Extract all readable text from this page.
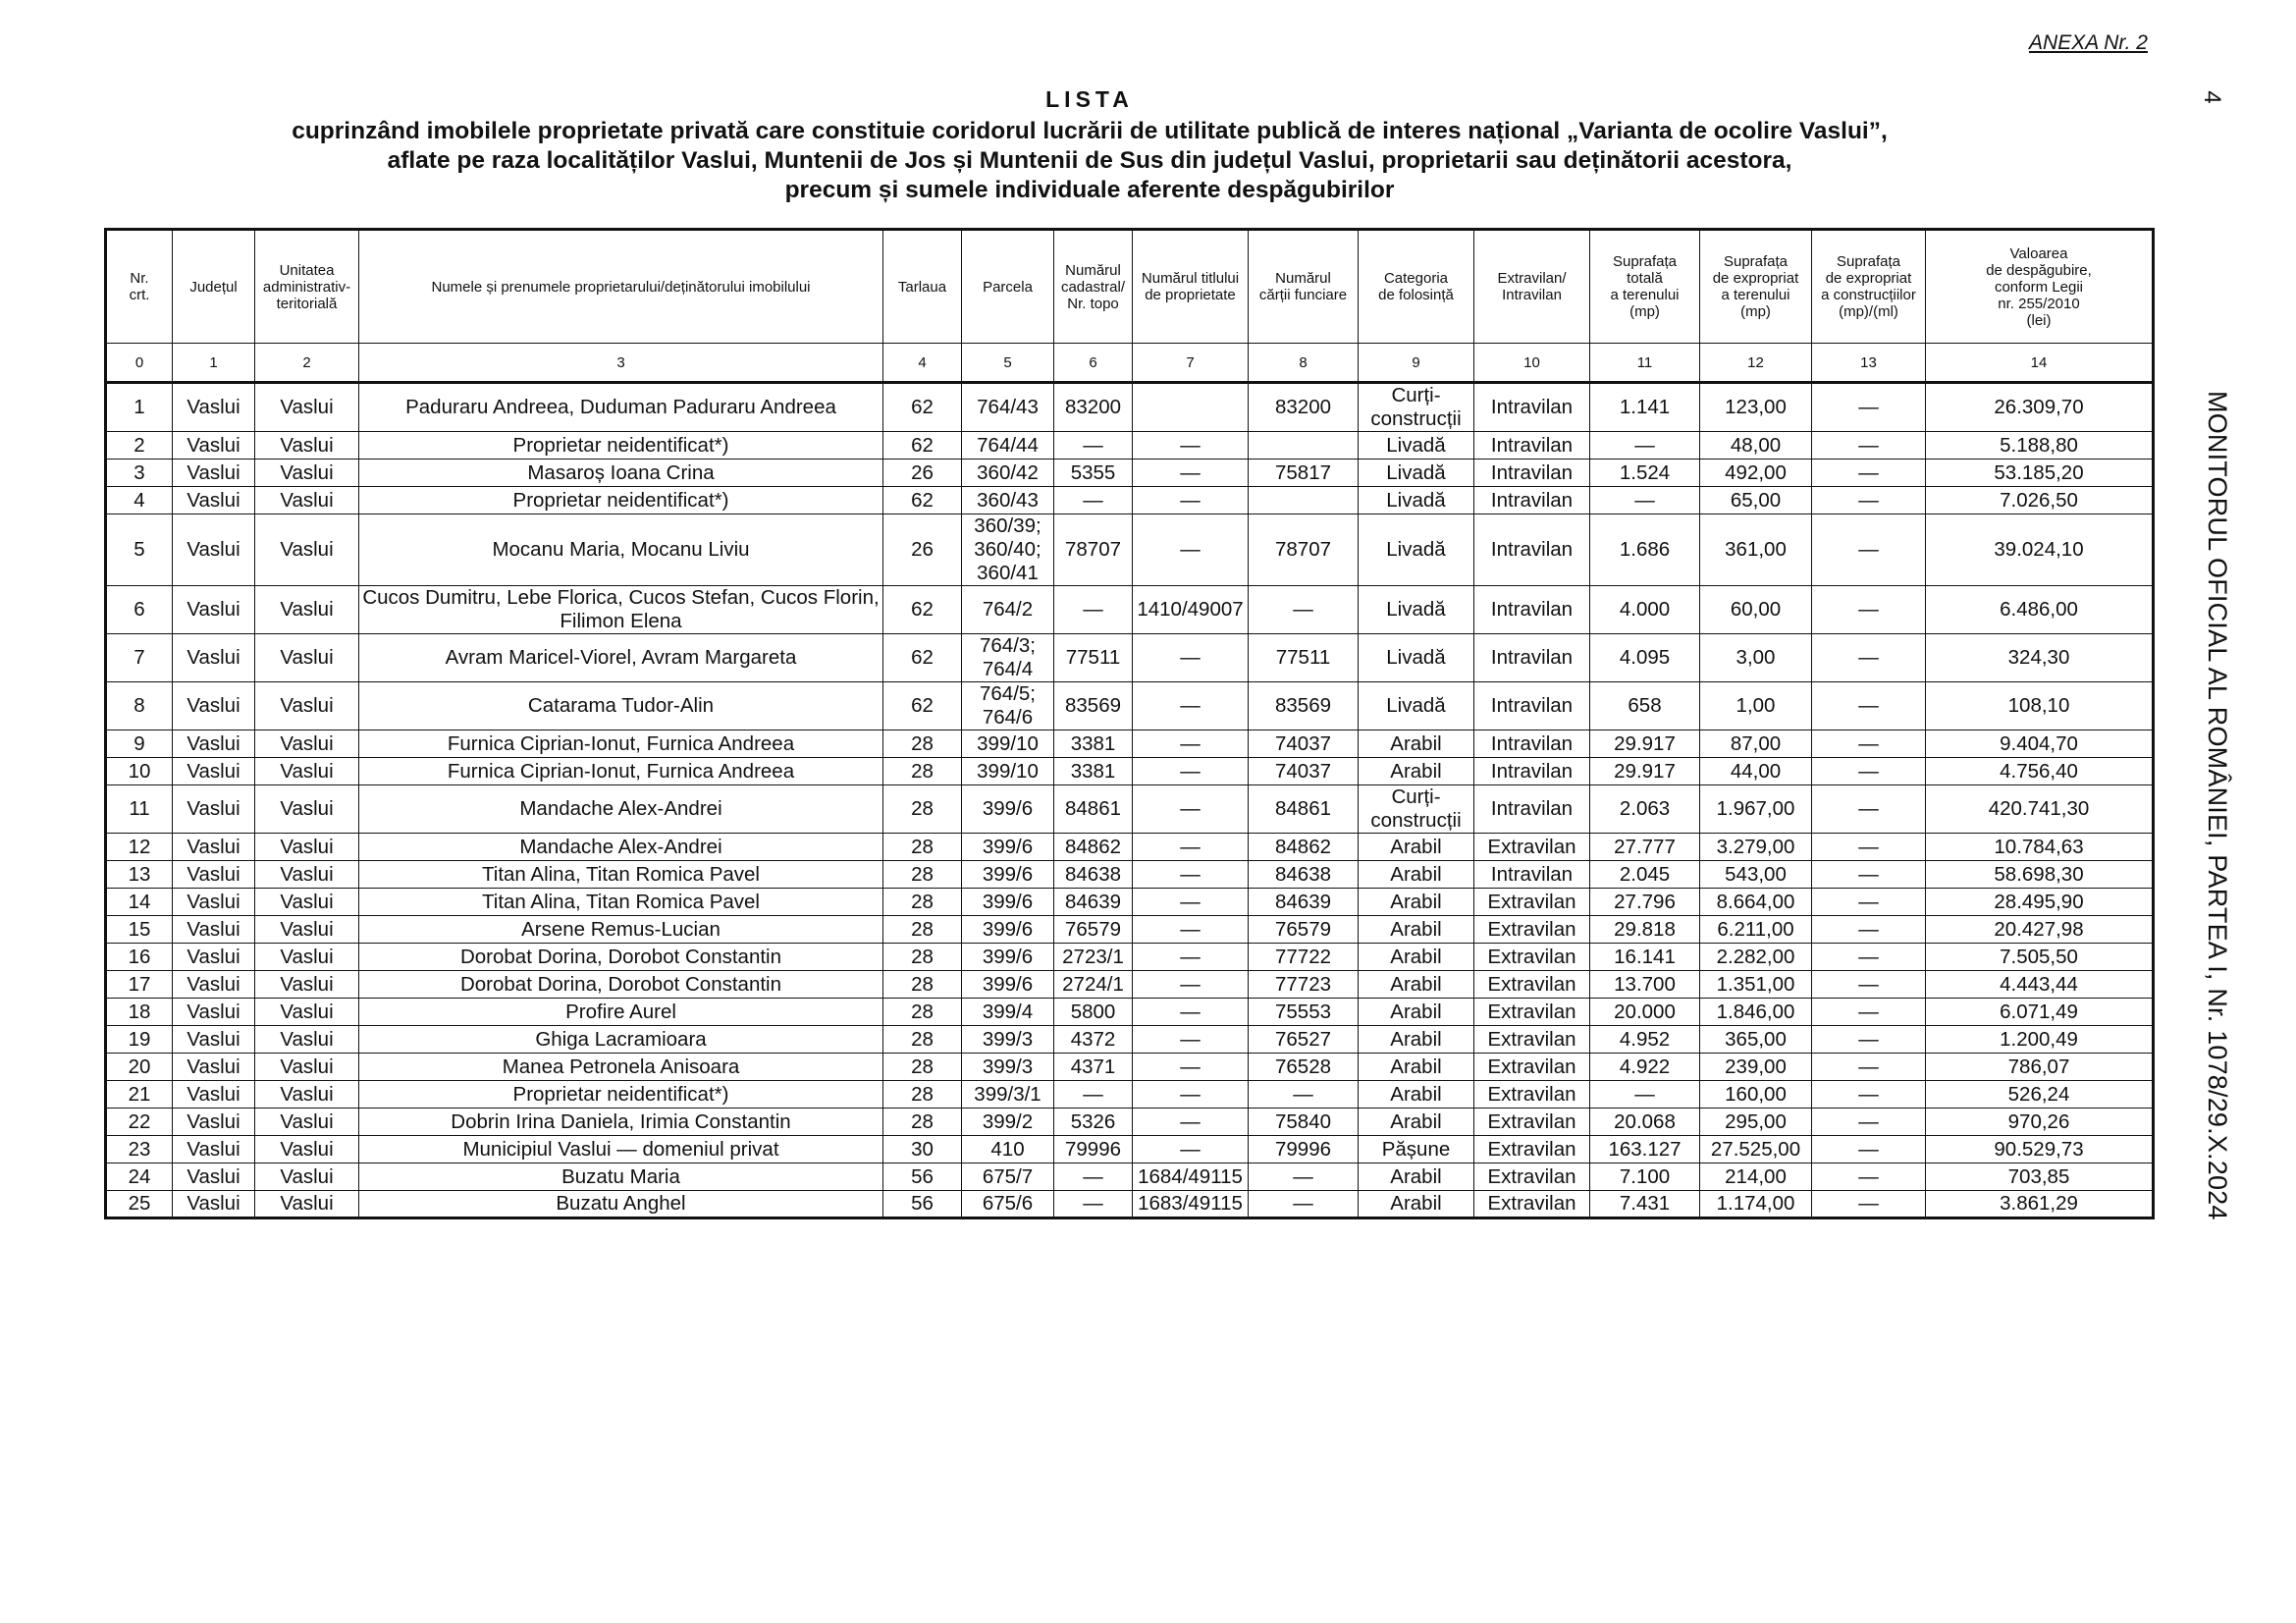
ANEXA Nr. 2
4
MONITORUL OFICIAL AL ROMÂNIEI, PARTEA I, Nr. 1078/29.X.2024
LISTA
cuprinzând imobilele proprietate privată care constituie coridorul lucrării de utilitate publică de interes național „Varianta de ocolire Vaslui”,
aflate pe raza localităților Vaslui, Muntenii de Jos și Muntenii de Sus din județul Vaslui, proprietarii sau deținătorii acestora,
precum și sumele individuale aferente despăgubirilor
Nr.
crt.	Județul	Unitatea
administrativ-
teritorială	Numele și prenumele proprietarului/deținătorului imobilului	Tarlaua	Parcela	Numărul
cadastral/
Nr. topo	Numărul titlului
de proprietate	Numărul
cărții funciare	Categoria
de folosință	Extravilan/
Intravilan	Suprafața
totală
a terenului
(mp)	Suprafața
de expropriat
a terenului
(mp)	Suprafața
de expropriat
a construcțiilor
(mp)/(ml)	Valoarea
de despăgubire,
conform Legii
nr. 255/2010
(lei)
0	1	2	3	4	5	6	7	8	9	10	11	12	13	14
1	Vaslui	Vaslui	Paduraru Andreea, Duduman Paduraru Andreea	62	764/43	83200		83200	Curți-
construcții	Intravilan	1.141	123,00	—	26.309,70
2	Vaslui	Vaslui	Proprietar neidentificat*)	62	764/44	—	—		Livadă	Intravilan	—	48,00	—	5.188,80
3	Vaslui	Vaslui	Masaroș Ioana Crina	26	360/42	5355	—	75817	Livadă	Intravilan	1.524	492,00	—	53.185,20
4	Vaslui	Vaslui	Proprietar neidentificat*)	62	360/43	—	—		Livadă	Intravilan	—	65,00	—	7.026,50
5	Vaslui	Vaslui	Mocanu Maria, Mocanu Liviu	26	360/39;
360/40;
360/41	78707	—	78707	Livadă	Intravilan	1.686	361,00	—	39.024,10
6	Vaslui	Vaslui	Cucos Dumitru, Lebe Florica, Cucos Stefan, Cucos Florin,
Filimon Elena	62	764/2	—	1410/49007	—	Livadă	Intravilan	4.000	60,00	—	6.486,00
7	Vaslui	Vaslui	Avram Maricel-Viorel, Avram Margareta	62	764/3;
764/4	77511	—	77511	Livadă	Intravilan	4.095	3,00	—	324,30
8	Vaslui	Vaslui	Catarama Tudor-Alin	62	764/5;
764/6	83569	—	83569	Livadă	Intravilan	658	1,00	—	108,10
9	Vaslui	Vaslui	Furnica Ciprian-Ionut, Furnica Andreea	28	399/10	3381	—	74037	Arabil	Intravilan	29.917	87,00	—	9.404,70
10	Vaslui	Vaslui	Furnica Ciprian-Ionut, Furnica Andreea	28	399/10	3381	—	74037	Arabil	Intravilan	29.917	44,00	—	4.756,40
11	Vaslui	Vaslui	Mandache Alex-Andrei	28	399/6	84861	—	84861	Curți-
construcții	Intravilan	2.063	1.967,00	—	420.741,30
12	Vaslui	Vaslui	Mandache Alex-Andrei	28	399/6	84862	—	84862	Arabil	Extravilan	27.777	3.279,00	—	10.784,63
13	Vaslui	Vaslui	Titan Alina, Titan Romica Pavel	28	399/6	84638	—	84638	Arabil	Intravilan	2.045	543,00	—	58.698,30
14	Vaslui	Vaslui	Titan Alina, Titan Romica Pavel	28	399/6	84639	—	84639	Arabil	Extravilan	27.796	8.664,00	—	28.495,90
15	Vaslui	Vaslui	Arsene Remus-Lucian	28	399/6	76579	—	76579	Arabil	Extravilan	29.818	6.211,00	—	20.427,98
16	Vaslui	Vaslui	Dorobat Dorina, Dorobot Constantin	28	399/6	2723/1	—	77722	Arabil	Extravilan	16.141	2.282,00	—	7.505,50
17	Vaslui	Vaslui	Dorobat Dorina, Dorobot Constantin	28	399/6	2724/1	—	77723	Arabil	Extravilan	13.700	1.351,00	—	4.443,44
18	Vaslui	Vaslui	Profire Aurel	28	399/4	5800	—	75553	Arabil	Extravilan	20.000	1.846,00	—	6.071,49
19	Vaslui	Vaslui	Ghiga Lacramioara	28	399/3	4372	—	76527	Arabil	Extravilan	4.952	365,00	—	1.200,49
20	Vaslui	Vaslui	Manea Petronela Anisoara	28	399/3	4371	—	76528	Arabil	Extravilan	4.922	239,00	—	786,07
21	Vaslui	Vaslui	Proprietar neidentificat*)	28	399/3/1	—	—	—	Arabil	Extravilan	—	160,00	—	526,24
22	Vaslui	Vaslui	Dobrin Irina Daniela, Irimia Constantin	28	399/2	5326	—	75840	Arabil	Extravilan	20.068	295,00	—	970,26
23	Vaslui	Vaslui	Municipiul Vaslui — domeniul privat	30	410	79996	—	79996	Pășune	Extravilan	163.127	27.525,00	—	90.529,73
24	Vaslui	Vaslui	Buzatu Maria	56	675/7	—	1684/49115	—	Arabil	Extravilan	7.100	214,00	—	703,85
25	Vaslui	Vaslui	Buzatu Anghel	56	675/6	—	1683/49115	—	Arabil	Extravilan	7.431	1.174,00	—	3.861,29
